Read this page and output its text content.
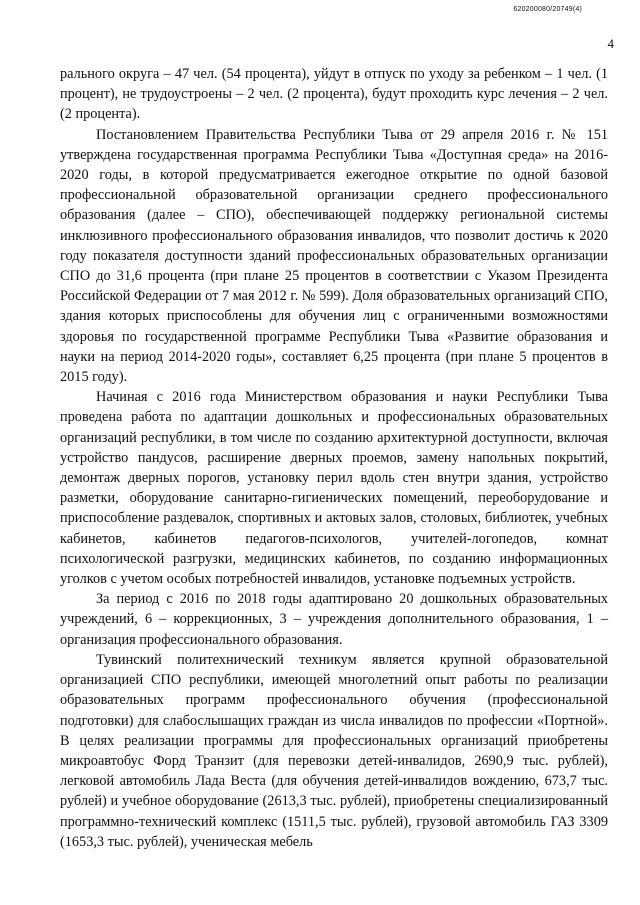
620200080/20749(4)
4

рального округа – 47 чел. (54 процента), уйдут в отпуск по уходу за ребенком – 1 чел. (1 процент), не трудоустроены – 2 чел. (2 процента), будут проходить курс лечения – 2 чел. (2 процента).

Постановлением Правительства Республики Тыва от 29 апреля 2016 г. № 151 утверждена государственная программа Республики Тыва «Доступная среда» на 2016-2020 годы, в которой предусматривается ежегодное открытие по одной базовой профессиональной образовательной организации среднего профессионального образования (далее – СПО), обеспечивающей поддержку региональной системы инклюзивного профессионального образования инвалидов, что позволит достичь к 2020 году показателя доступности зданий профессиональных образовательных организации СПО до 31,6 процента (при плане 25 процентов в соответствии с Указом Президента Российской Федерации от 7 мая 2012 г. № 599). Доля образовательных организаций СПО, здания которых приспособлены для обучения лиц с ограниченными возможностями здоровья по государственной программе Республики Тыва «Развитие образования и науки на период 2014-2020 годы», составляет 6,25 процента (при плане 5 процентов в 2015 году).

Начиная с 2016 года Министерством образования и науки Республики Тыва проведена работа по адаптации дошкольных и профессиональных образовательных организаций республики, в том числе по созданию архитектурной доступности, включая устройство пандусов, расширение дверных проемов, замену напольных покрытий, демонтаж дверных порогов, установку перил вдоль стен внутри здания, устройство разметки, оборудование санитарно-гигиенических помещений, переоборудование и приспособление раздевалок, спортивных и актовых залов, столовых, библиотек, учебных кабинетов, кабинетов педагогов-психологов, учителей-логопедов, комнат психологической разгрузки, медицинских кабинетов, по созданию информационных уголков с учетом особых потребностей инвалидов, установке подъемных устройств.

За период с 2016 по 2018 годы адаптировано 20 дошкольных образовательных учреждений, 6 – коррекционных, 3 – учреждения дополнительного образования, 1 – организация профессионального образования.

Тувинский политехнический техникум является крупной образовательной организацией СПО республики, имеющей многолетний опыт работы по реализации образовательных программ профессионального обучения (профессиональной подготовки) для слабослышащих граждан из числа инвалидов по профессии «Портной». В целях реализации программы для профессиональных организаций приобретены микроавтобус Форд Транзит (для перевозки детей-инвалидов, 2690,9 тыс. рублей), легковой автомобиль Лада Веста (для обучения детей-инвалидов вождению, 673,7 тыс. рублей) и учебное оборудование (2613,3 тыс. рублей), приобретены специализированный программно-технический комплекс (1511,5 тыс. рублей), грузовой автомобиль ГАЗ 3309 (1653,3 тыс. рублей), ученическая мебель
